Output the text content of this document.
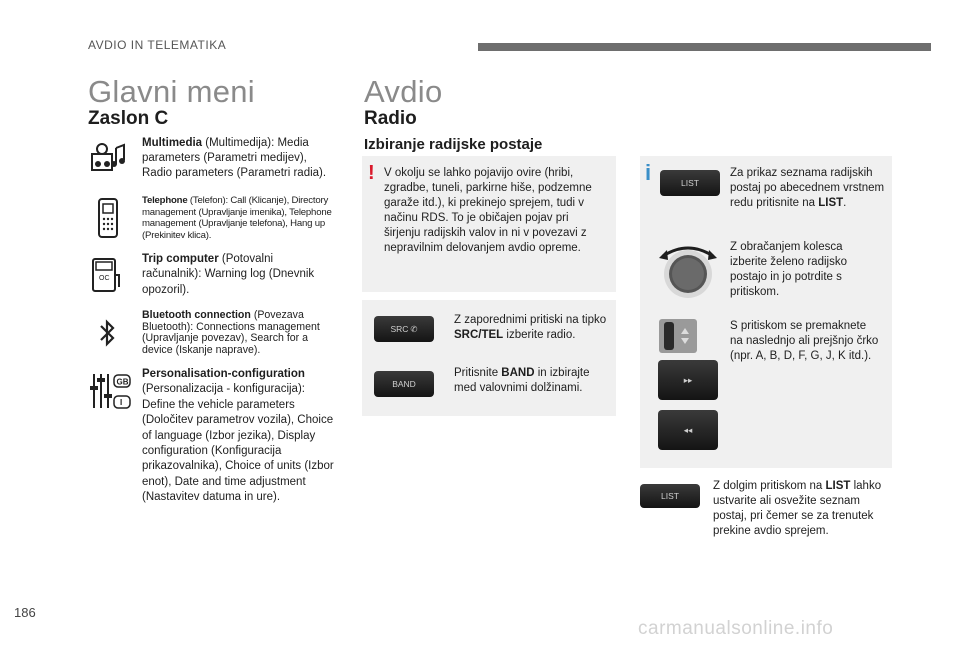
AVDIO IN TELEMATIKA
Glavni meni
Zaslon C
Multimedia (Multimedija): Media parameters (Parametri medijev), Radio parameters (Parametri radia).
Telephone (Telefon): Call (Klicanje), Directory management (Upravljanje imenika), Telephone management (Upravljanje telefona), Hang up (Prekinitev klica).
OC
Trip computer (Potovalni računalnik): Warning log (Dnevnik opozoril).
Bluetooth connection (Povezava Bluetooth): Connections management (Upravljanje povezav), Search for a device (Iskanje naprave).
GB
I
Personalisation-configuration (Personalizacija - konfiguracija): Define the vehicle parameters (Določitev parametrov vozila), Choice of language (Izbor jezika), Display configuration (Konfiguracija prikazovalnika), Choice of units (Izbor enot), Date and time adjustment (Nastavitev datuma in ure).
Avdio
Radio
Izbiranje radijske postaje
! V okolju se lahko pojavijo ovire (hribi, zgradbe, tuneli, parkirne hiše, podzemne garaže itd.), ki prekinejo sprejem, tudi v načinu RDS. To je običajen pojav pri širjenju radijskih valov in ni v povezavi z nepravilnim delovanjem avdio opreme.
SRC ✆
Z zaporednimi pritiski na tipko SRC/TEL izberite radio.
BAND
Pritisnite BAND in izbirajte med valovnimi dolžinami.
i	LIST
Za prikaz seznama radijskih postaj po abecednem vrstnem redu pritisnite na LIST.
Z obračanjem kolesca izberite želeno radijsko postajo in jo potrdite s pritiskom.
▸▸
◂◂
S pritiskom se premaknete na naslednjo ali prejšnjo črko (npr. A, B, D, F, G, J, K itd.).
LIST
Z dolgim pritiskom na LIST lahko ustvarite ali osvežite seznam postaj, pri čemer se za trenutek prekine avdio sprejem.
186
carmanualsonline.info
